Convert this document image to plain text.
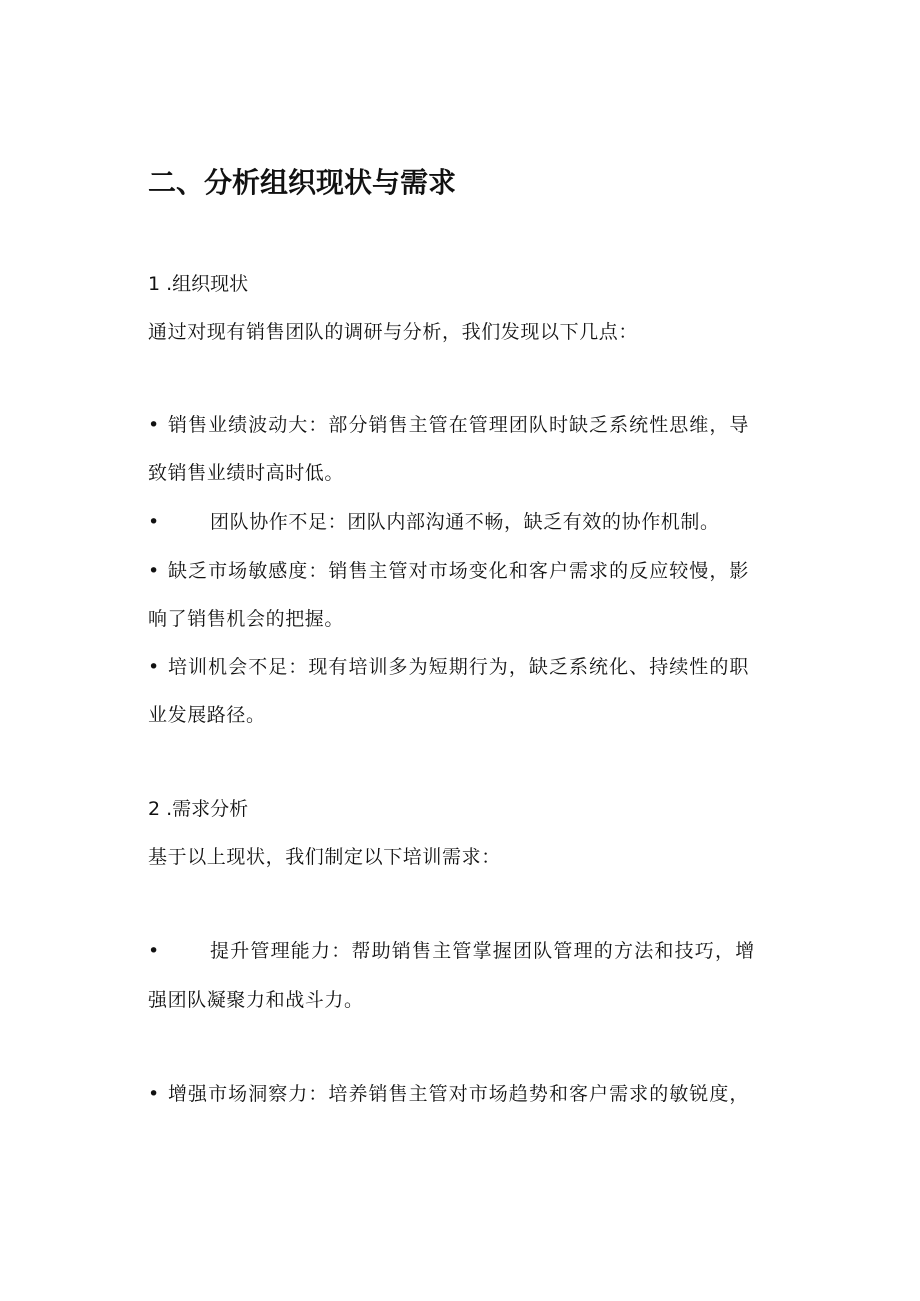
二、分析组织现状与需求
1 .组织现状
通过对现有销售团队的调研与分析，我们发现以下几点：
• 销售业绩波动大：部分销售主管在管理团队时缺乏系统性思维，导
致销售业绩时高时低。
•	团队协作不足：团队内部沟通不畅，缺乏有效的协作机制。
• 缺乏市场敏感度：销售主管对市场变化和客户需求的反应较慢，影
响了销售机会的把握。
• 培训机会不足：现有培训多为短期行为，缺乏系统化、持续性的职
业发展路径。
2 .需求分析
基于以上现状，我们制定以下培训需求：
•	提升管理能力：帮助销售主管掌握团队管理的方法和技巧，增
强团队凝聚力和战斗力。
• 增强市场洞察力：培养销售主管对市场趋势和客户需求的敏锐度，
